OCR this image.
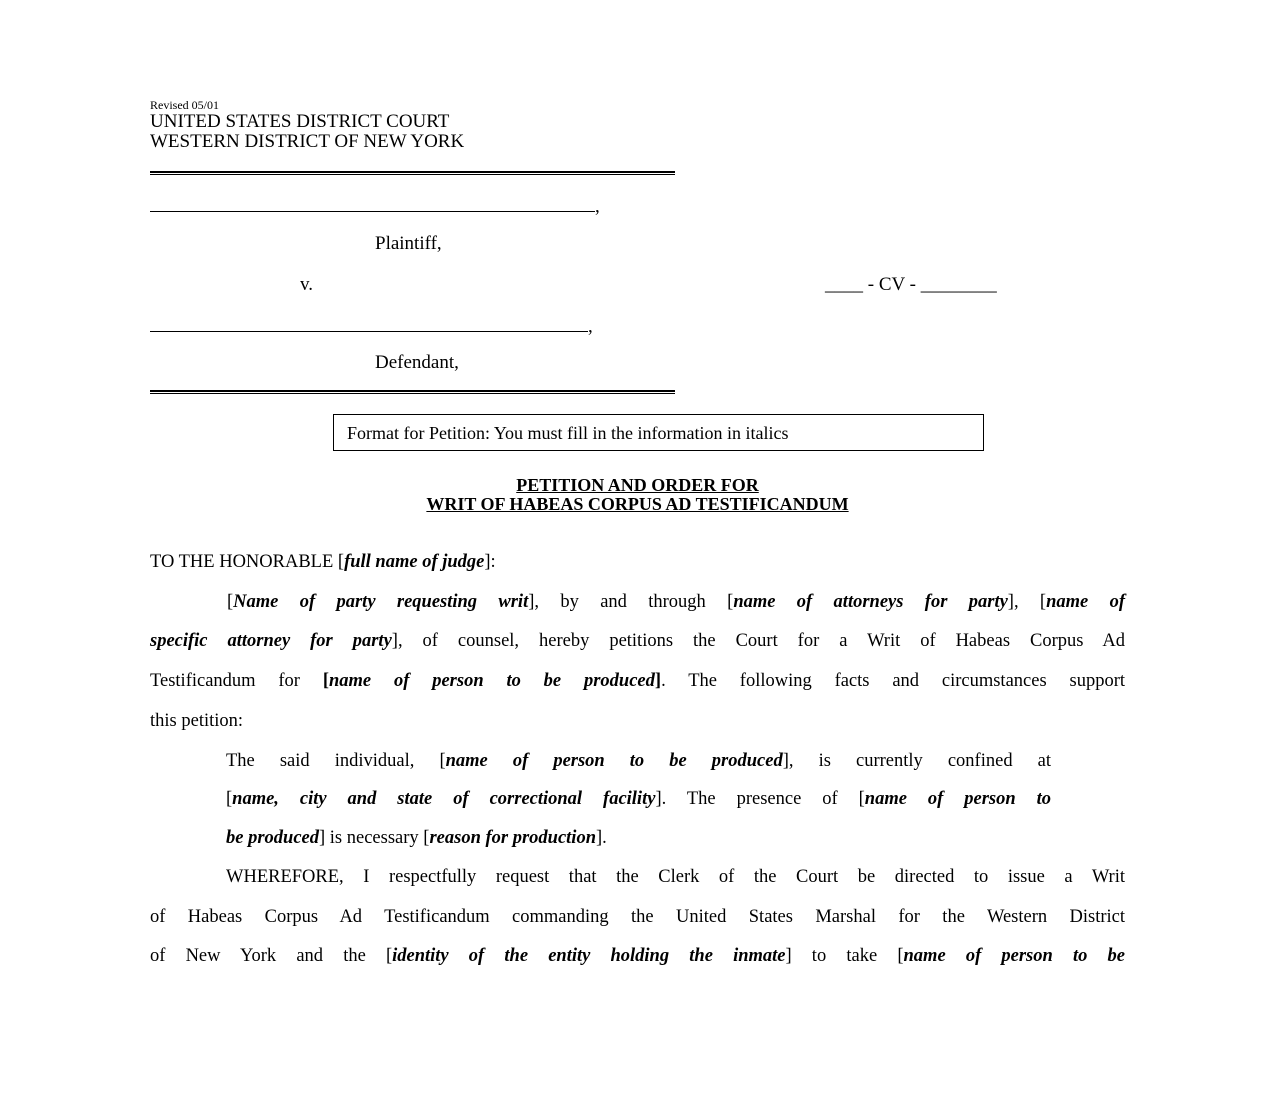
Revised 05/01
UNITED STATES DISTRICT COURT
WESTERN DISTRICT OF NEW YORK
,
Plaintiff,
v.	____ - CV - ________
,
Defendant,
Format for Petition: You must fill in the information in italics
PETITION AND ORDER FOR
WRIT OF HABEAS CORPUS AD TESTIFICANDUM
TO THE HONORABLE [full name of judge]:
[Name of party requesting writ], by and through [name of attorneys for party], [name of
specific attorney for party], of counsel, hereby petitions the Court for a Writ of Habeas Corpus Ad
Testificandum for [name of person to be produced]. The following facts and circumstances support
this petition:
The said individual, [name of person to be produced], is currently confined at
[name, city and state of correctional facility]. The presence of [name of person to
be produced] is necessary [reason for production].
WHEREFORE, I respectfully request that the Clerk of the Court be directed to issue a Writ
of Habeas Corpus Ad Testificandum commanding the United States Marshal for the Western District
of New York and the [identity of the entity holding the inmate] to take [name of person to be
